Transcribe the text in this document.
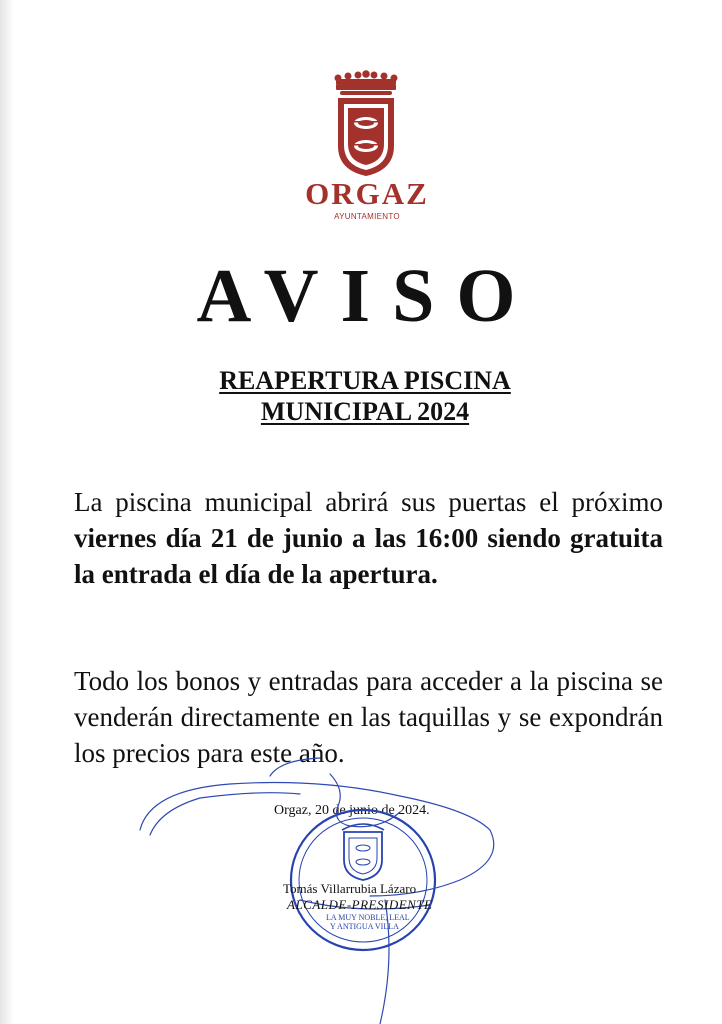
ORGAZ
AYUNTAMIENTO
AVISO
REAPERTURA PISCINA
MUNICIPAL 2024
La piscina municipal abrirá sus puertas el próximo viernes día 21 de junio a las 16:00 siendo gratuita la entrada el día de la apertura.
Todo los bonos y entradas para acceder a la piscina se venderán directamente en las taquillas y se expondrán los precios para este año.
Orgaz, 20 de junio de 2024.
Tomás Villarrubia Lázaro
ALCALDE-PRESIDENTE
LA MUY NOBLE, LEAL
Y ANTIGUA VILLA
